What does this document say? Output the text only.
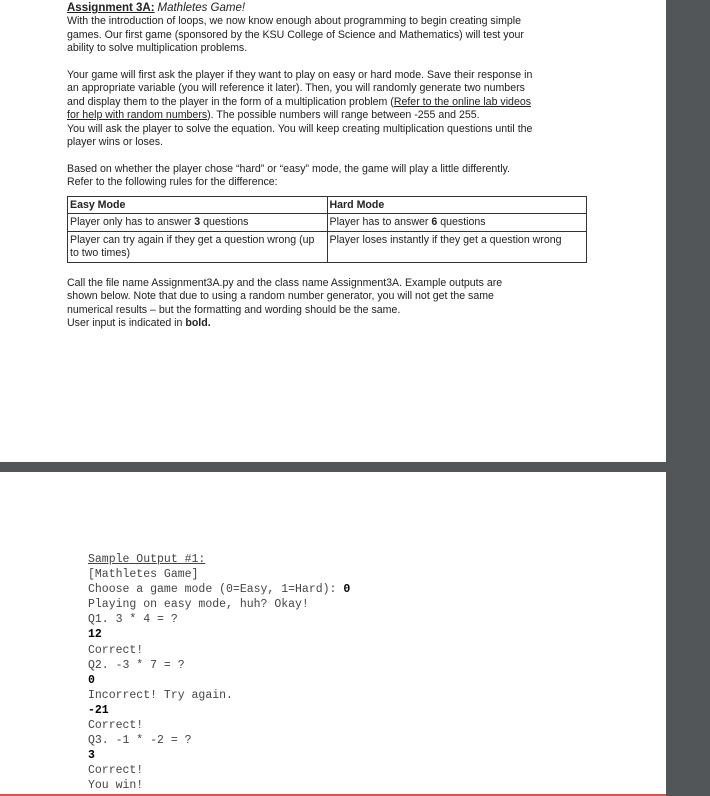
Assignment 3A: Mathletes Game!

With the introduction of loops, we now know enough about programming to begin creating simple

games. Our first game (sponsored by the KSU College of Science and Mathematics) will test your

ability to solve multiplication problems.

Your game will first ask the player if they want to play on easy or hard mode. Save their response in

an appropriate variable (you will reference it later). Then, you will randomly generate two numbers

and display them to the player in the form of a multiplication problem (Refer to the online lab videos

for help with random numbers). The possible numbers will range between -255 and 255.

You will ask the player to solve the equation. You will keep creating multiplication questions until the

player wins or loses.

Based on whether the player chose “hard” or “easy” mode, the game will play a little differently.

Refer to the following rules for the difference:

Easy Mode	Hard Mode
Player only has to answer 3 questions	Player has to answer 6 questions
Player can try again if they get a question wrong (up to two times)	Player loses instantly if they get a question wrong

Call the file name Assignment3A.py and the class name Assignment3A. Example outputs are

shown below. Note that due to using a random number generator, you will not get the same

numerical results – but the formatting and wording should be the same.

User input is indicated in bold.

Sample Output #1:
[Mathletes Game]
Choose a game mode (0=Easy, 1=Hard): 0
Playing on easy mode, huh? Okay!
Q1. 3 * 4 = ?
12
Correct!
Q2. -3 * 7 = ?
0
Incorrect! Try again.
-21
Correct!
Q3. -1 * -2 = ?
3
Correct!
You win!
